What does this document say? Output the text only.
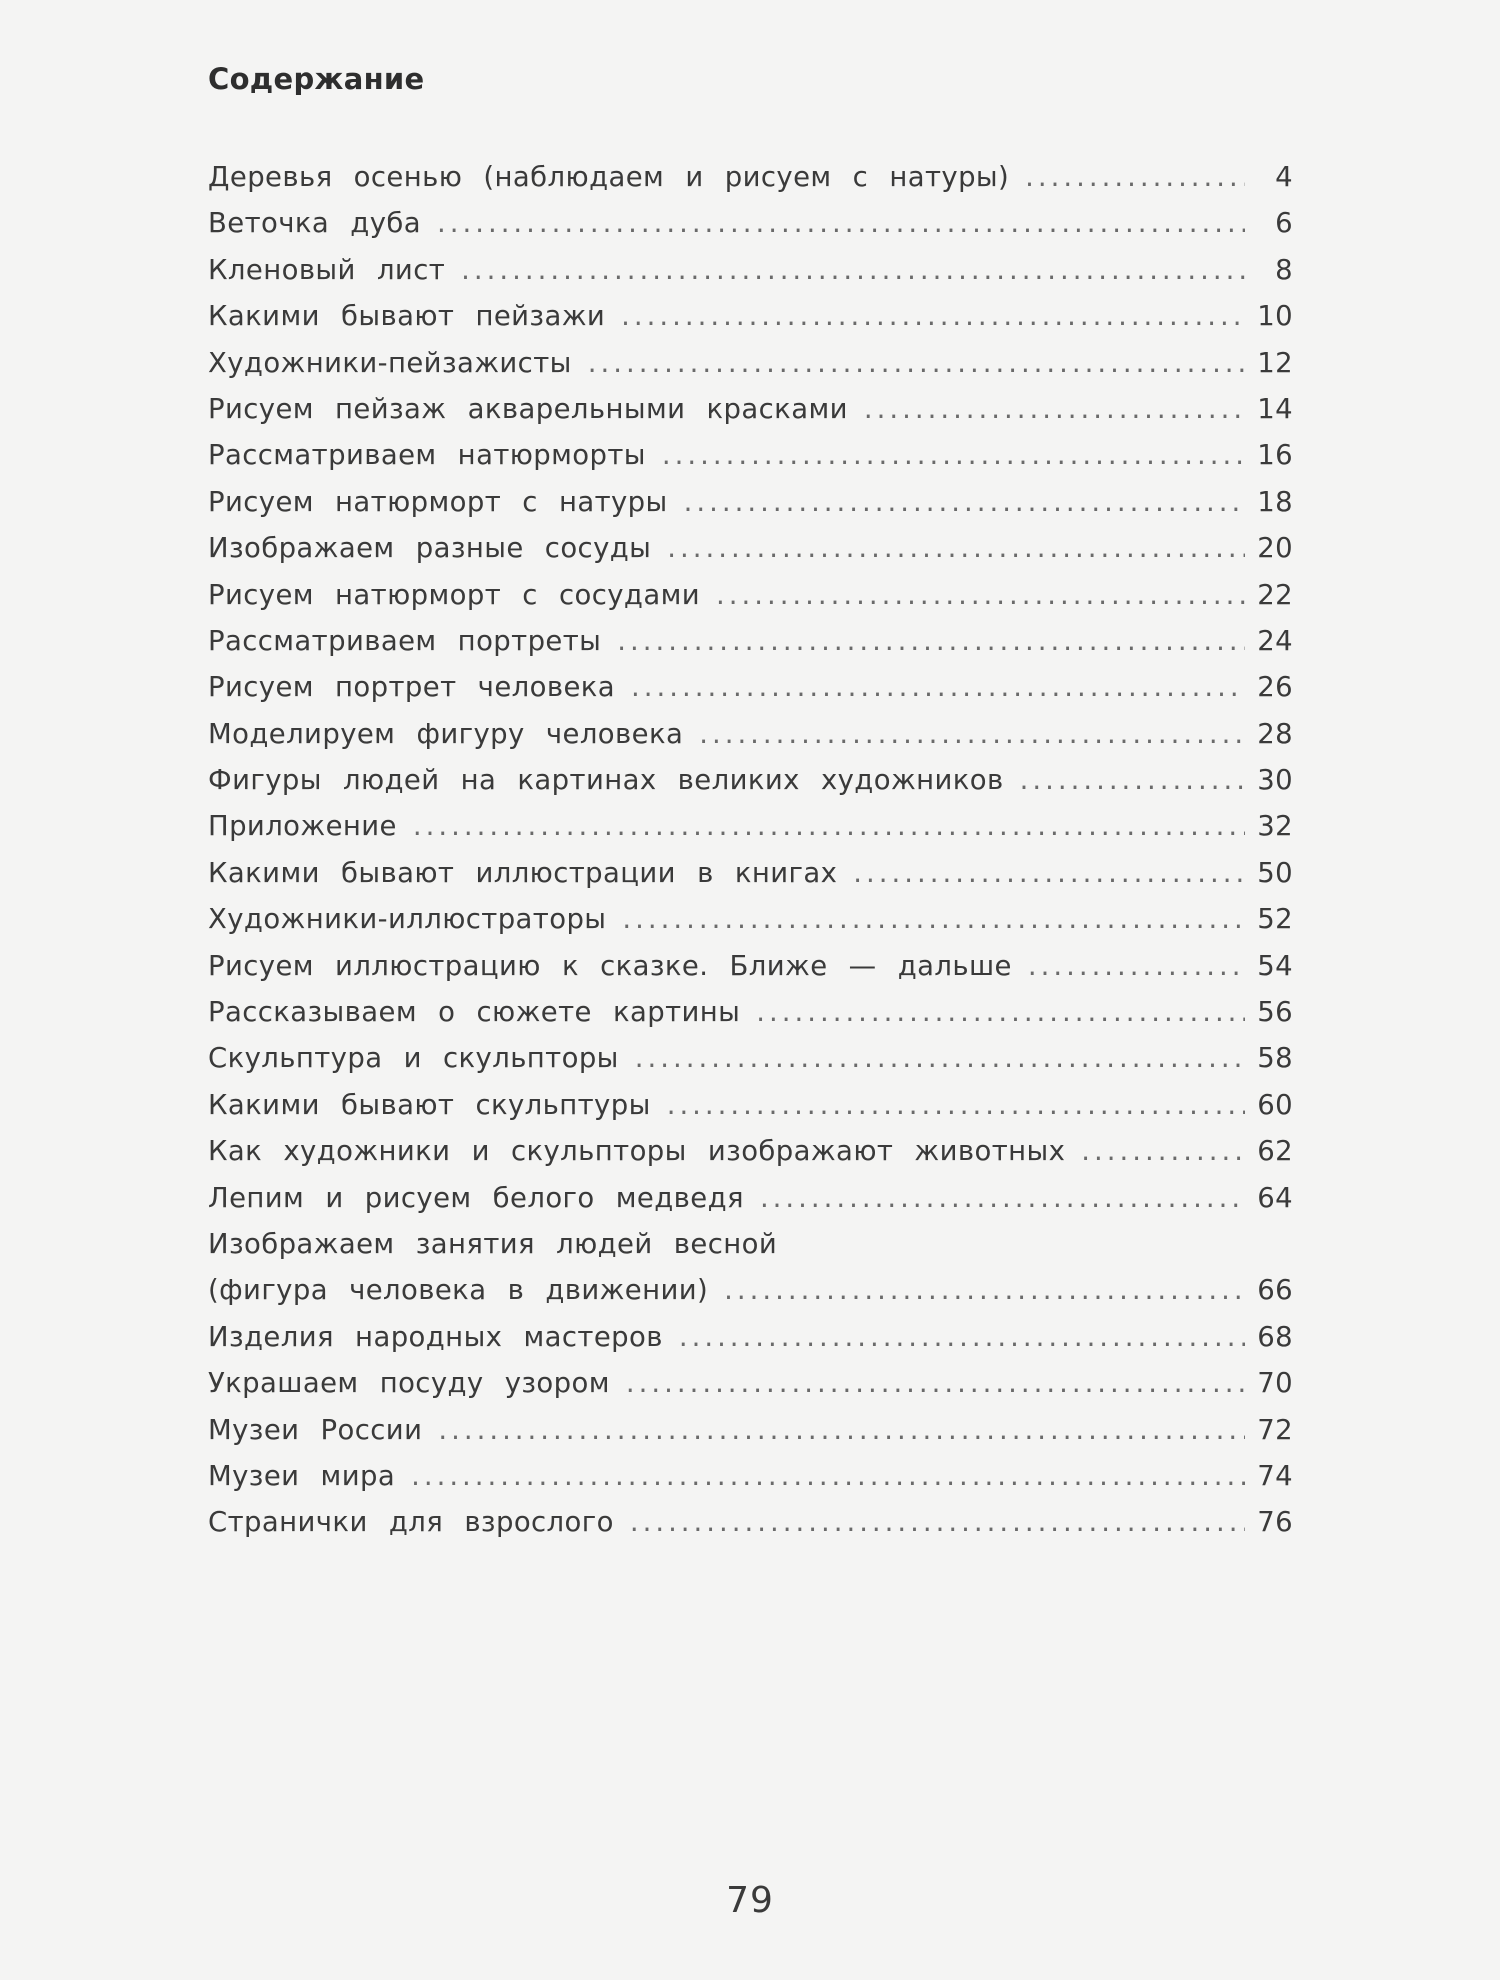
Содержание
Деревья осенью (наблюдаем и рисуем с натуры) .....	4
Веточка дуба .....	6
Кленовый лист .....	8
Какими бывают пейзажи .....	10
Художники-пейзажисты .....	12
Рисуем пейзаж акварельными красками .....	14
Рассматриваем натюрморты .....	16
Рисуем натюрморт с натуры .....	18
Изображаем разные сосуды .....	20
Рисуем натюрморт с сосудами .....	22
Рассматриваем портреты .....	24
Рисуем портрет человека .....	26
Моделируем фигуру человека .....	28
Фигуры людей на картинах великих художников .....	30
Приложение .....	32
Какими бывают иллюстрации в книгах .....	50
Художники-иллюстраторы .....	52
Рисуем иллюстрацию к сказке. Ближе — дальше .....	54
Рассказываем о сюжете картины .....	56
Скульптура и скульпторы .....	58
Какими бывают скульптуры .....	60
Как художники и скульпторы изображают животных .....	62
Лепим и рисуем белого медведя .....	64
Изображаем занятия людей весной
(фигура человека в движении) .....	66
Изделия народных мастеров .....	68
Украшаем посуду узором .....	70
Музеи России .....	72
Музеи мира .....	74
Странички для взрослого .....	76
79
